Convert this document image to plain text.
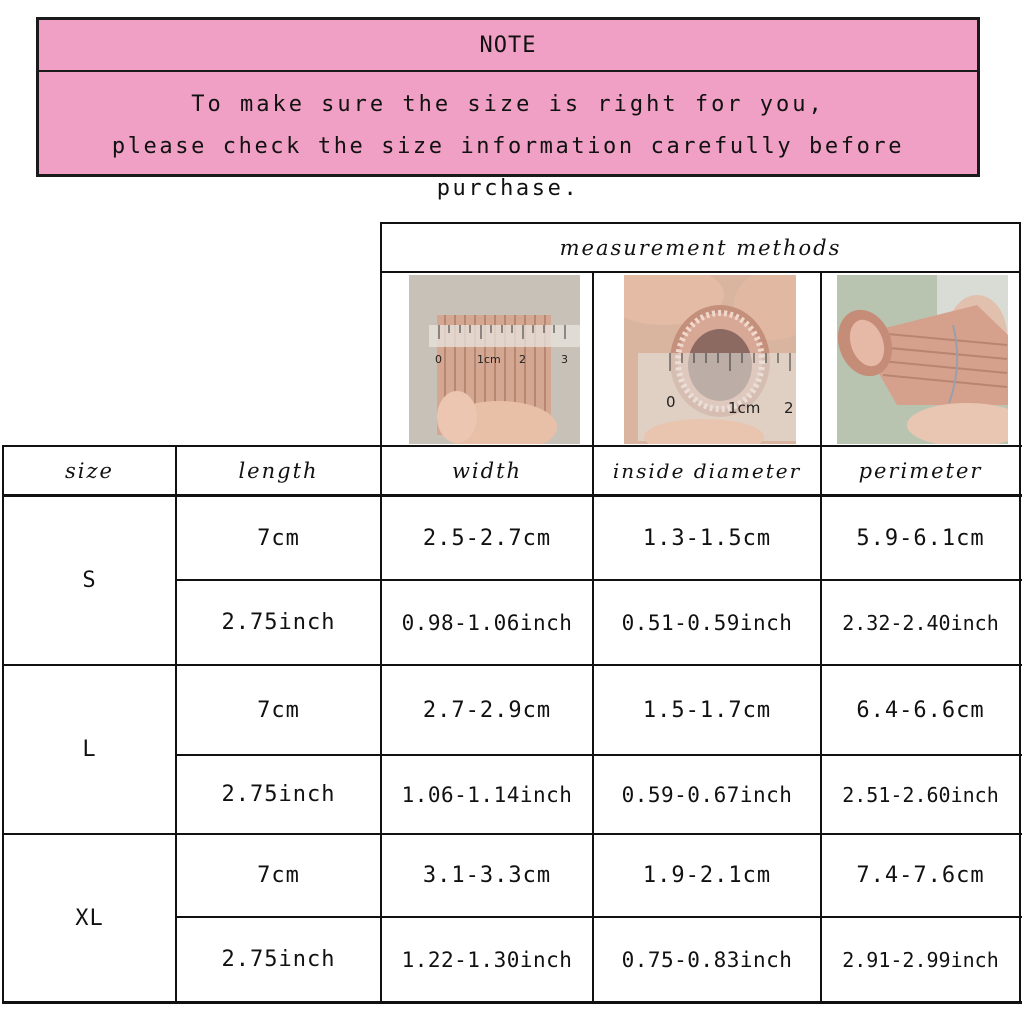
NOTE
To make sure the size is right for you,
please check the size information carefully before purchase.
measurement methods
0	1cm 2	3
0	1cm 2
size	length	width	inside diameter	perimeter
S
7cm	2.5-2.7cm	1.3-1.5cm	5.9-6.1cm
2.75inch	0.98-1.06inch	0.51-0.59inch	2.32-2.40inch
L
7cm	2.7-2.9cm	1.5-1.7cm	6.4-6.6cm
2.75inch	1.06-1.14inch	0.59-0.67inch	2.51-2.60inch
XL
7cm	3.1-3.3cm	1.9-2.1cm	7.4-7.6cm
2.75inch	1.22-1.30inch	0.75-0.83inch	2.91-2.99inch
